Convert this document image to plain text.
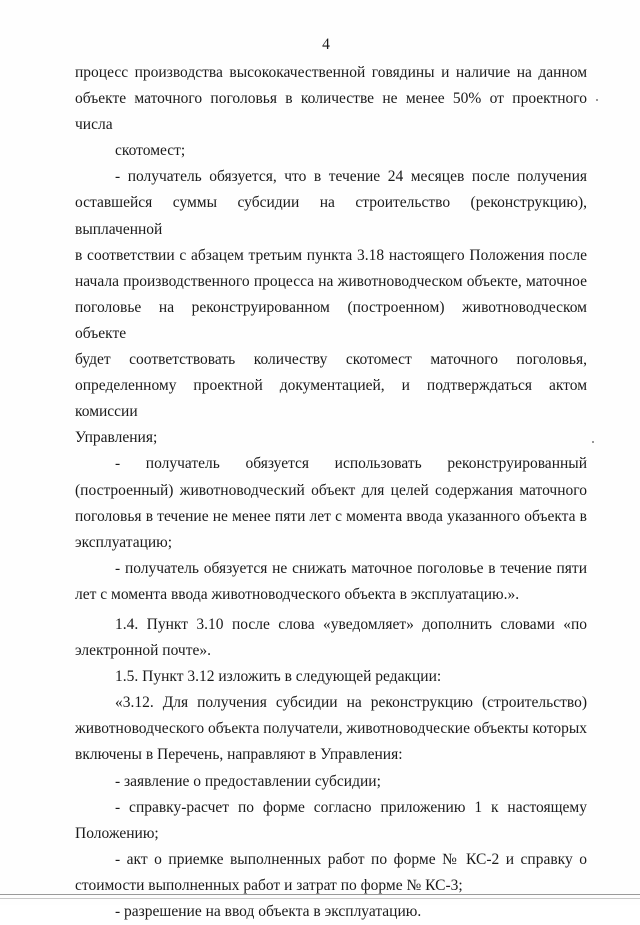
4
процесс производства высококачественной говядины и наличие на данном
объекте маточного поголовья в количестве не менее 50% от проектного числа
скотомест;
- получатель обязуется, что в течение 24 месяцев после получения
оставшейся суммы субсидии на строительство (реконструкцию), выплаченной
в соответствии с абзацем третьим пункта 3.18 настоящего Положения после
начала производственного процесса на животноводческом объекте, маточное
поголовье на реконструированном (построенном) животноводческом объекте
будет соответствовать количеству скотомест маточного поголовья,
определенному проектной документацией, и подтверждаться актом комиссии
Управления;
- получатель обязуется использовать реконструированный
(построенный) животноводческий объект для целей содержания маточного
поголовья в течение не менее пяти лет с момента ввода указанного объекта в
эксплуатацию;
- получатель обязуется не снижать маточное поголовье в течение пяти
лет с момента ввода животноводческого объекта в эксплуатацию.».
1.4. Пункт 3.10 после слова «уведомляет» дополнить словами «по
электронной почте».
1.5. Пункт 3.12 изложить в следующей редакции:
«3.12. Для получения субсидии на реконструкцию (строительство)
животноводческого объекта получатели, животноводческие объекты которых
включены в Перечень, направляют в Управления:
- заявление о предоставлении субсидии;
- справку-расчет по форме согласно приложению 1 к настоящему
Положению;
- акт о приемке выполненных работ по форме № КС-2 и справку о
стоимости выполненных работ и затрат по форме № КС-3;
- разрешение на ввод объекта в эксплуатацию.
